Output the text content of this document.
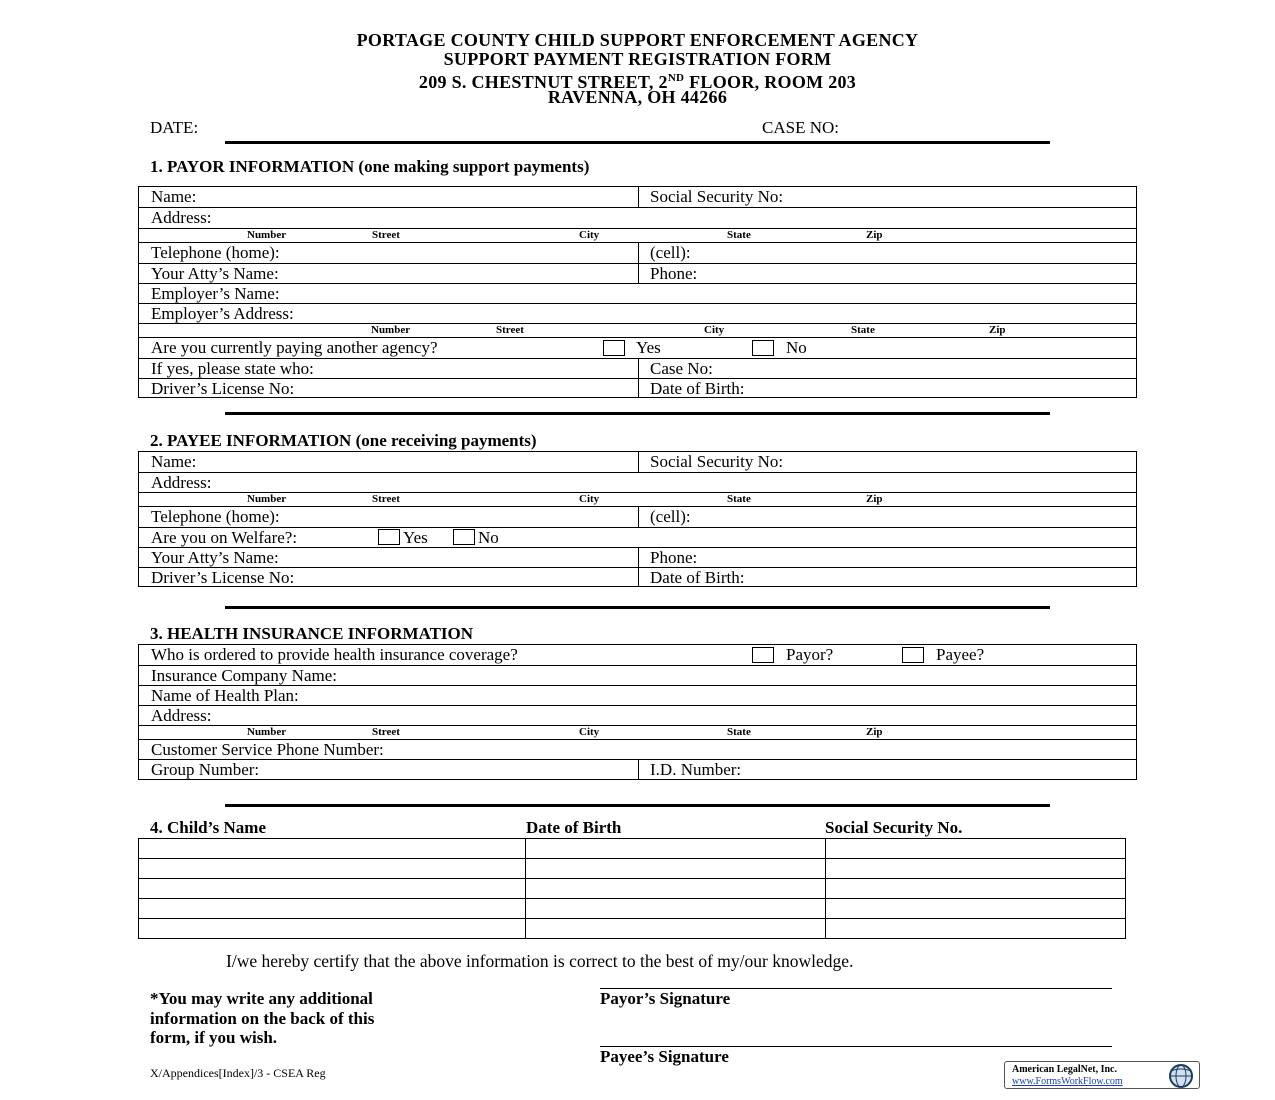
PORTAGE COUNTY CHILD SUPPORT ENFORCEMENT AGENCY
SUPPORT PAYMENT REGISTRATION FORM
209 S. CHESTNUT STREET, 2ND FLOOR, ROOM 203
RAVENNA, OH 44266
DATE:	CASE NO:
1. PAYOR INFORMATION (one making support payments)
Name:	Social Security No:
Address:
Number	Street	City	State	Zip
Telephone (home):	(cell):
Your Atty’s Name:	Phone:
Employer’s Name:
Employer’s Address:
Number	Street	City	State	Zip
Are you currently paying another agency?	Yes	No
If yes, please state who:	Case No:
Driver’s License No:	Date of Birth:
2. PAYEE INFORMATION (one receiving payments)
Name:	Social Security No:
Address:
Number	Street	City	State	Zip
Telephone (home):	(cell):
Are you on Welfare?:	Yes	No
Your Atty’s Name:	Phone:
Driver’s License No:	Date of Birth:
3. HEALTH INSURANCE INFORMATION
Who is ordered to provide health insurance coverage?	Payor?	Payee?
Insurance Company Name:
Name of Health Plan:
Address:
Number	Street	City	State	Zip
Customer Service Phone Number:
Group Number:	I.D. Number:
4. Child’s Name	Date of Birth	Social Security No.
I/we hereby certify that the above information is correct to the best of my/our knowledge.
*You may write any additional
information on the back of this
form, if you wish.
Payor’s Signature
Payee’s Signature
X/Appendices[Index]/3 - CSEA Reg	American LegalNet, Inc.
www.FormsWorkFlow.com
